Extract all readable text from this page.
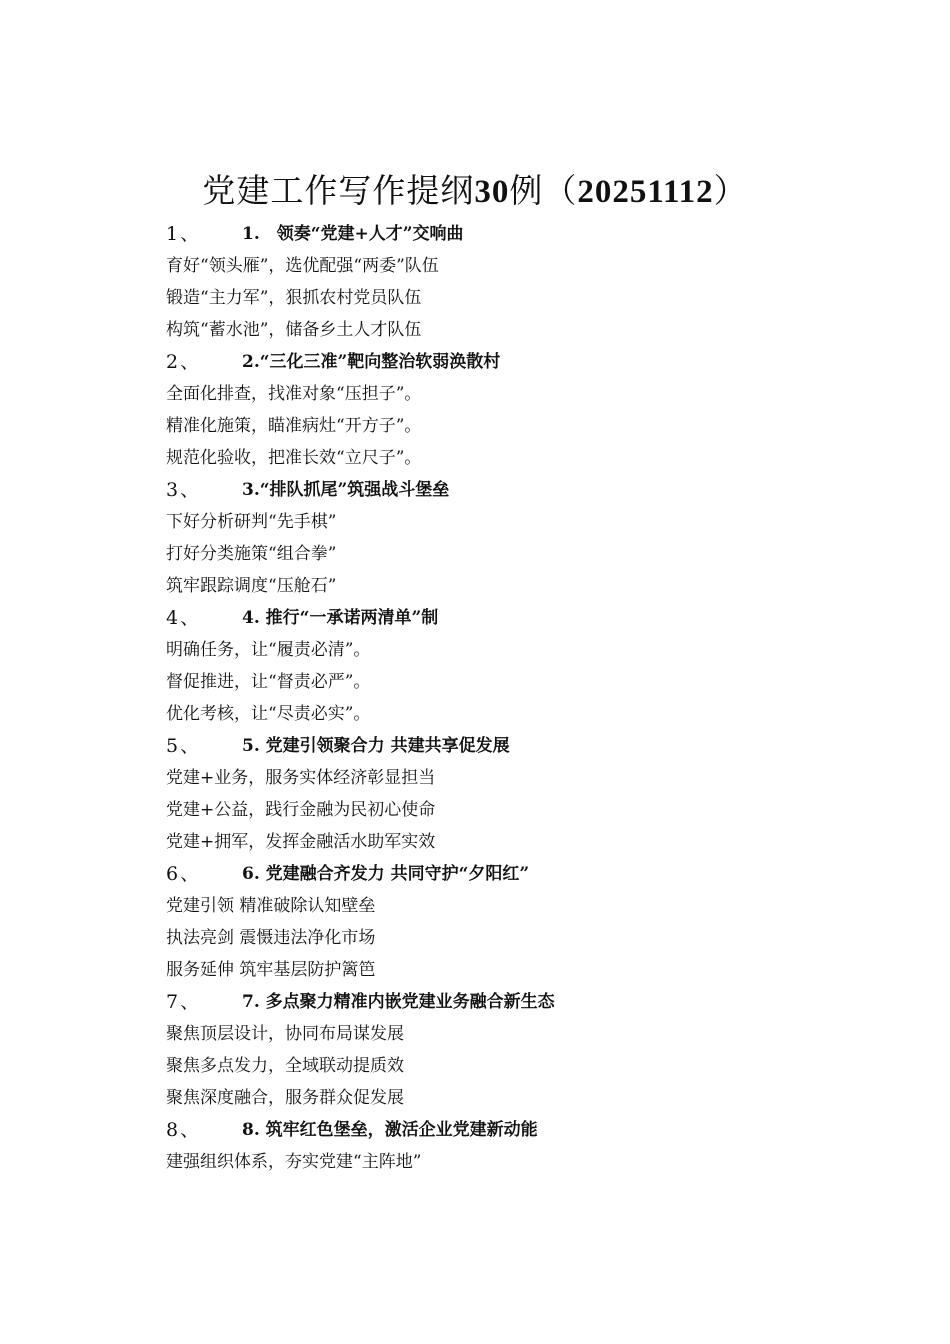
党建工作写作提纲30例（20251112）
1、 1.　领奏“党建+人才”交响曲
育好“领头雁”，选优配强“两委”队伍
锻造“主力军”，狠抓农村党员队伍
构筑“蓄水池”，储备乡土人才队伍
2、 2.“三化三准”靶向整治软弱涣散村
全面化排查，找准对象“压担子”。
精准化施策，瞄准病灶“开方子”。
规范化验收，把准长效“立尺子”。
3、 3.“排队抓尾”筑强战斗堡垒
下好分析研判“先手棋”
打好分类施策“组合拳”
筑牢跟踪调度“压舱石”
4、 4. 推行“一承诺两清单”制
明确任务，让“履责必清”。
督促推进，让“督责必严”。
优化考核，让“尽责必实”。
5、 5. 党建引领聚合力 共建共享促发展
党建+业务，服务实体经济彰显担当
党建+公益，践行金融为民初心使命
党建+拥军，发挥金融活水助军实效
6、 6. 党建融合齐发力 共同守护“夕阳红”
党建引领 精准破除认知壁垒
执法亮剑 震慑违法净化市场
服务延伸 筑牢基层防护篱笆
7、 7. 多点聚力精准内嵌党建业务融合新生态
聚焦顶层设计，协同布局谋发展
聚焦多点发力，全域联动提质效
聚焦深度融合，服务群众促发展
8、 8. 筑牢红色堡垒，激活企业党建新动能
建强组织体系，夯实党建“主阵地”
